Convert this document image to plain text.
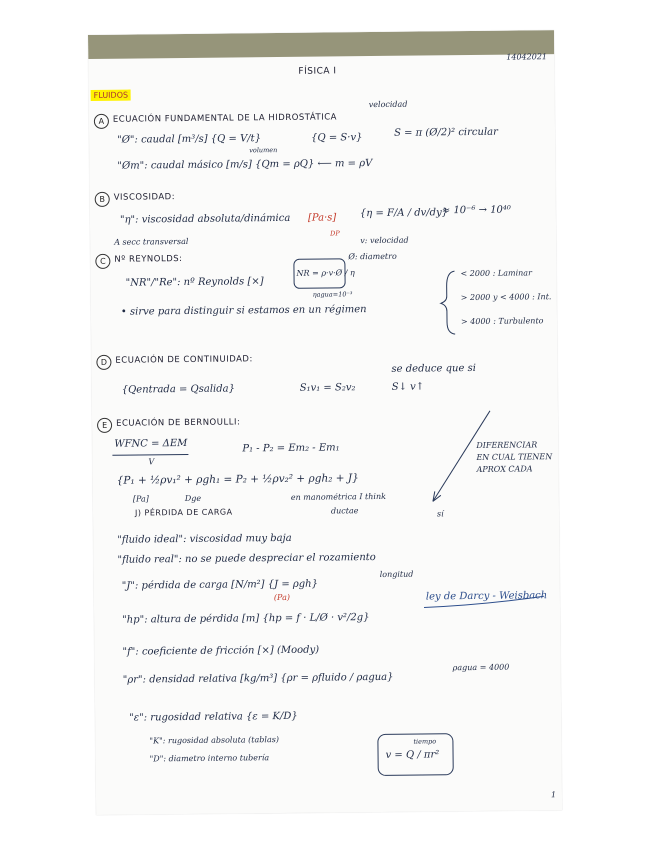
FÍSICA I
14042021
FLUIDOS
A	ECUACIÓN FUNDAMENTAL DE LA HIDROSTÁTICA
velocidad
"Ø": caudal [m³/s] {Q = V/t}	{Q = S·v}
volumen
S = π (Ø/2)² circular
"Øm": caudal másico [m/s] {Qm = ρQ} ⟵ m = ρV
B	VISCOSIDAD:
"η": viscosidad absoluta/dinámica [Pa·s]
DP
{η = F/A / dv/dy}
≈ 10⁻⁶ → 10⁴⁰
A secc transversal
C	Nº REYNOLDS:
v: velocidad
Ø: diametro
"NR"/"Re": nº Reynolds [×]
NR = ρ·v·Ø / η
ηagua=10⁻³
• sirve para distinguir si estamos en un régimen
< 2000 : Laminar
> 2000 y < 4000 : Int.
> 4000 : Turbulento
D ECUACIÓN DE CONTINUIDAD:
{Qentrada = Qsalida}	S₁v₁ = S₂v₂
se deduce que si
S↓ v↑
E	ECUACIÓN DE BERNOULLI:
WFNC = ΔEM
V
P₁ - P₂ = Em₂ - Em₁
{P₁ + ½ρv₁² + ρgh₁ = P₂ + ½ρv₂² + ρgh₂ + J}
[Pa]	Dge	en manométrica I think
ductae
J) PÉRDIDA DE CARGA
DIFERENCIAR
EN CUAL TIENEN
APROX CADA
sí
"fluido ideal": viscosidad muy baja
"fluido real": no se puede despreciar el rozamiento
"J": pérdida de carga [N/m²] {J = ρgh}
(Pa)
longitud
"hp": altura de pérdida [m] {hp = f · L/Ø · v²/2g}
ley de Darcy - Weisbach
"f": coeficiente de fricción [×] (Moody)
"ρr": densidad relativa [kg/m³] {ρr = ρfluido / ρagua}
ρagua = 4000
"ε": rugosidad relativa {ε = K/D}
"K": rugosidad absoluta (tablas)
"D": diametro interno tubería
tiempo
v = Q / πr²
1
